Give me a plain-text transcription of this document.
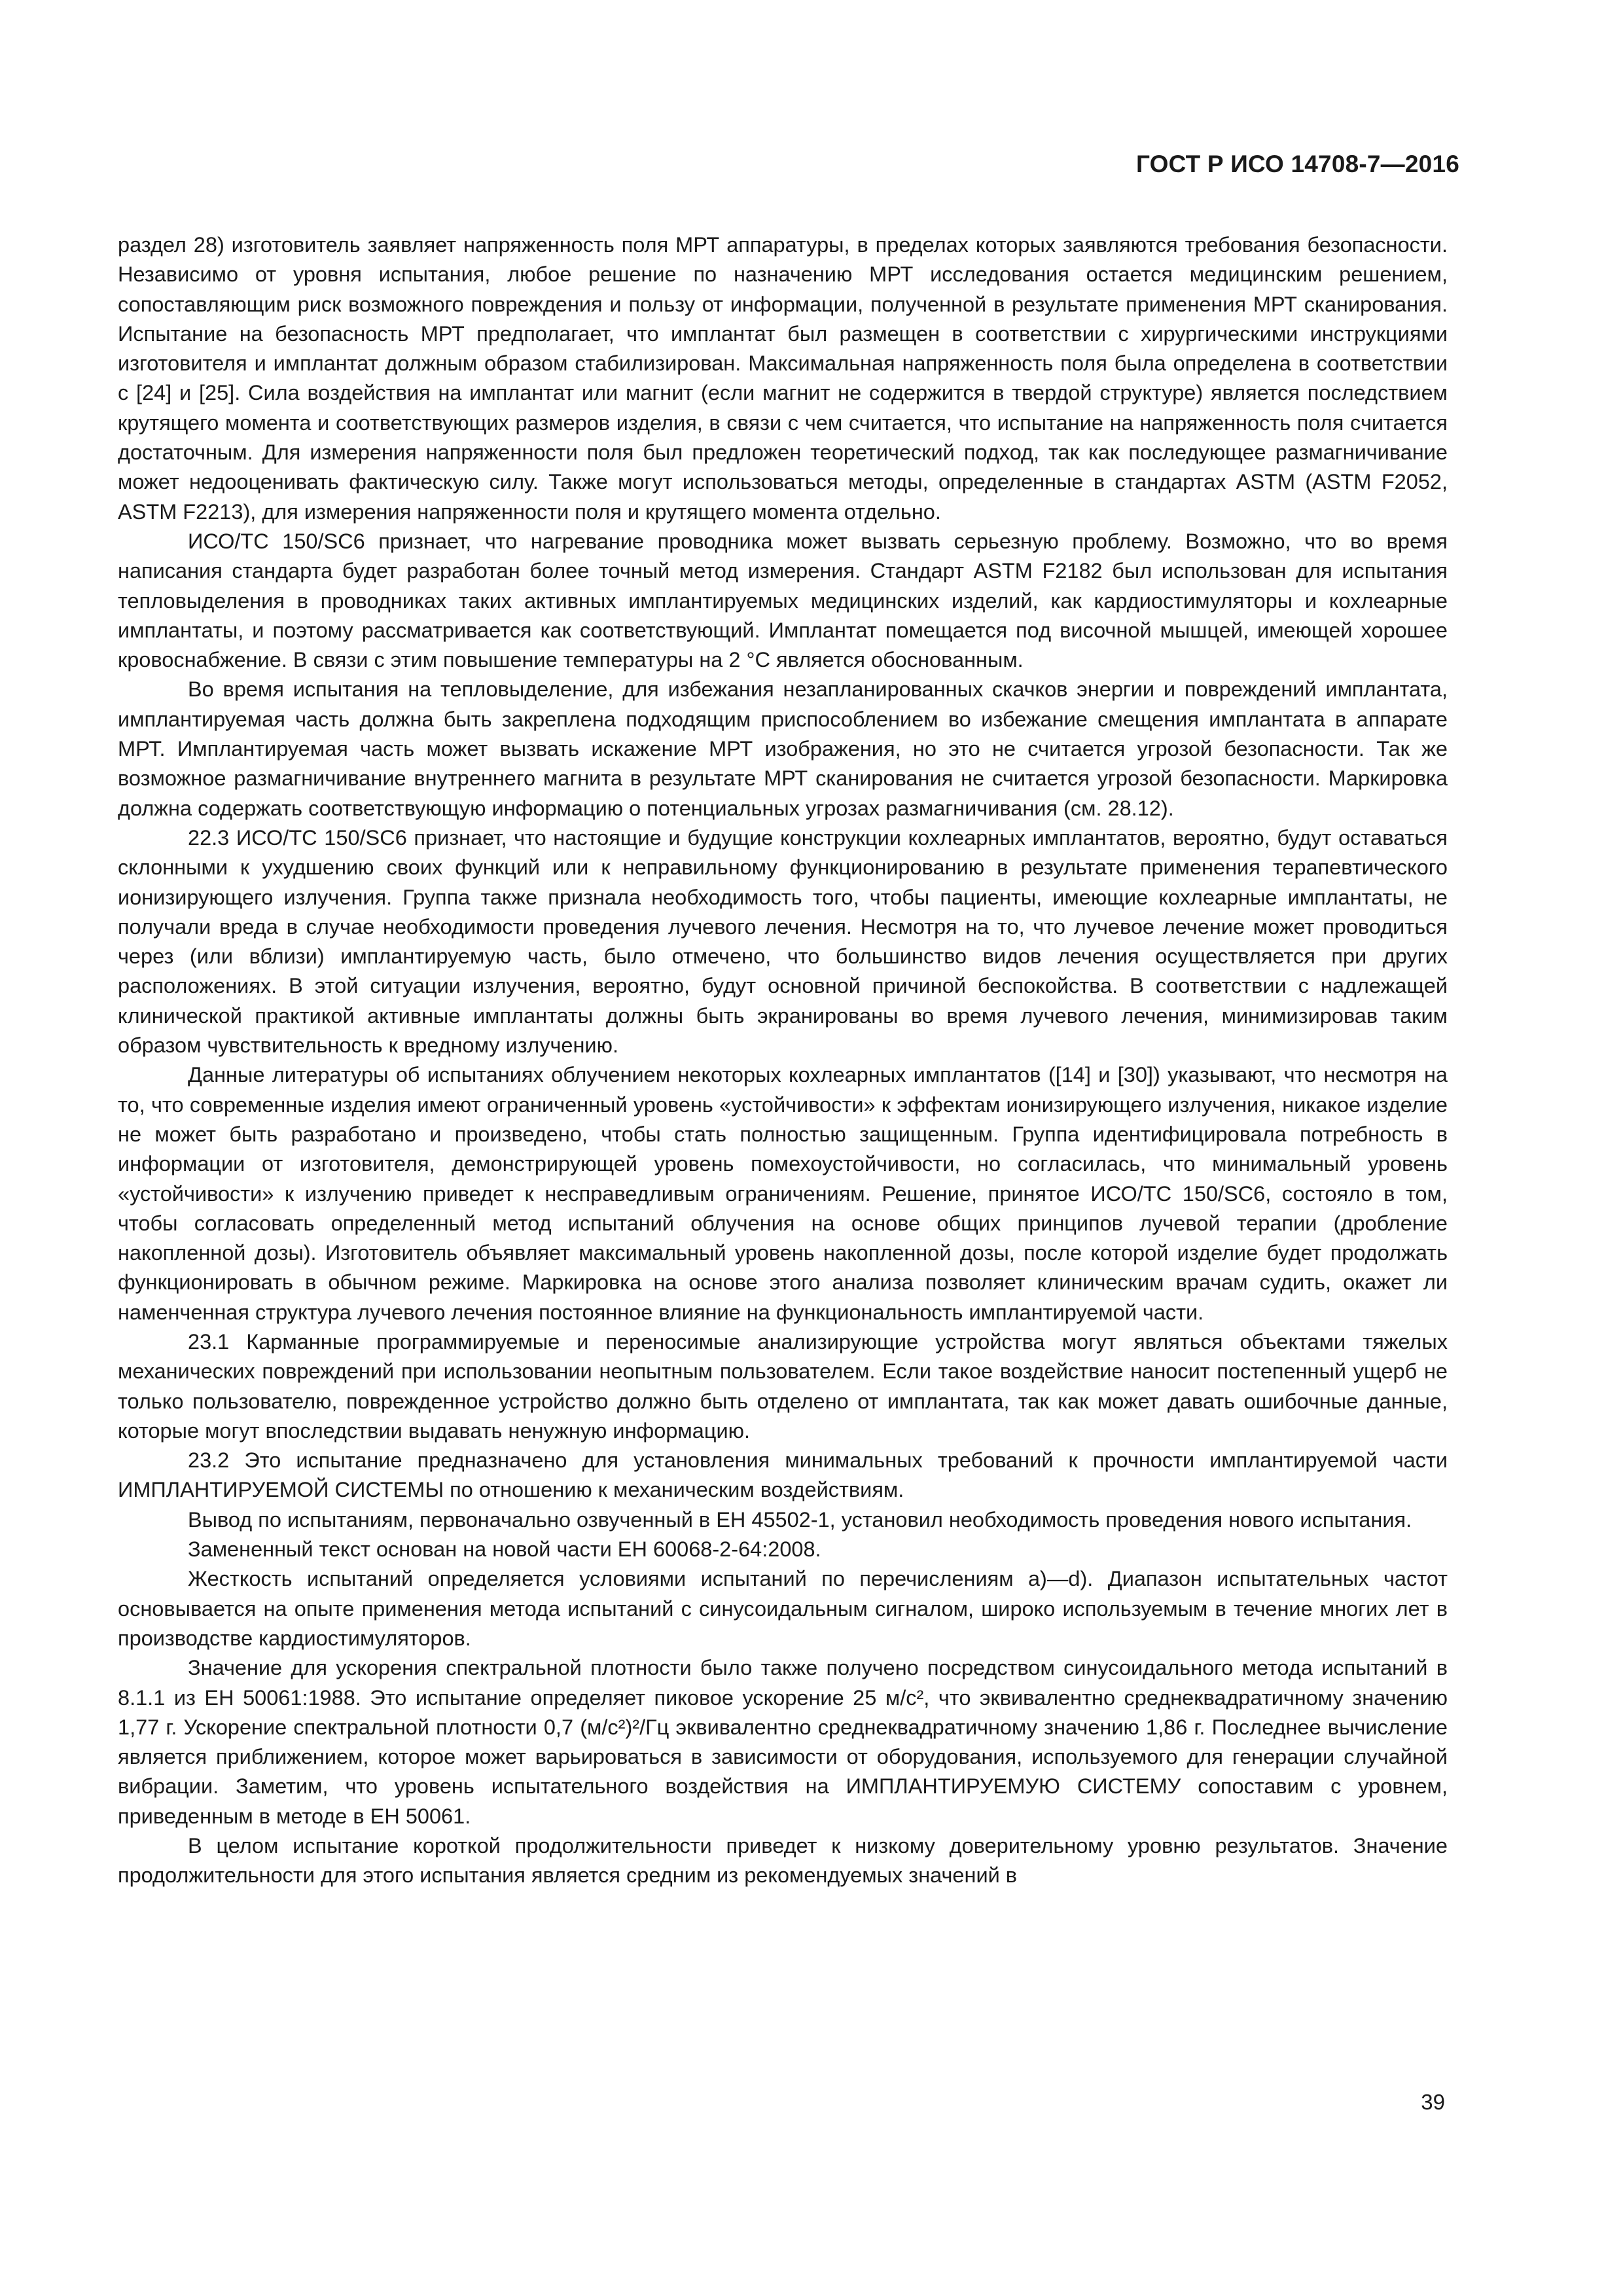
ГОСТ Р ИСО 14708-7—2016

раздел 28) изготовитель заявляет напряженность поля МРТ аппаратуры, в пределах которых заявляются требования безопасности. Независимо от уровня испытания, любое решение по назначению МРТ исследования остается медицинским решением, сопоставляющим риск возможного повреждения и пользу от информации, полученной в результате применения МРТ сканирования. Испытание на безопасность МРТ предполагает, что имплантат был размещен в соответствии с хирургическими инструкциями изготовителя и имплантат должным образом стабилизирован. Максимальная напряженность поля была определена в соответствии с [24] и [25]. Сила воздействия на имплантат или магнит (если магнит не содержится в твердой структуре) является последствием крутящего момента и соответствующих размеров изделия, в связи с чем считается, что испытание на напряженность поля считается достаточным. Для измерения напряженности поля был предложен теоретический подход, так как последующее размагничивание может недооценивать фактическую силу. Также могут использоваться методы, определенные в стандартах ASTM (ASTM F2052, ASTM F2213), для измерения напряженности поля и крутящего момента отдельно.

ИСО/ТС 150/SC6 признает, что нагревание проводника может вызвать серьезную проблему. Возможно, что во время написания стандарта будет разработан более точный метод измерения. Стандарт ASTM F2182 был использован для испытания тепловыделения в проводниках таких активных имплантируемых медицинских изделий, как кардиостимуляторы и кохлеарные имплантаты, и поэтому рассматривается как соответствующий. Имплантат помещается под височной мышцей, имеющей хорошее кровоснабжение. В связи с этим повышение температуры на 2 °С является обоснованным.

Во время испытания на тепловыделение, для избежания незапланированных скачков энергии и повреждений имплантата, имплантируемая часть должна быть закреплена подходящим приспособлением во избежание смещения имплантата в аппарате МРТ. Имплантируемая часть может вызвать искажение МРТ изображения, но это не считается угрозой безопасности. Так же возможное размагничивание внутреннего магнита в результате МРТ сканирования не считается угрозой безопасности. Маркировка должна содержать соответствующую информацию о потенциальных угрозах размагничивания (см. 28.12).

22.3 ИСО/ТС 150/SC6 признает, что настоящие и будущие конструкции кохлеарных имплантатов, вероятно, будут оставаться склонными к ухудшению своих функций или к неправильному функционированию в результате применения терапевтического ионизирующего излучения. Группа также признала необходимость того, чтобы пациенты, имеющие кохлеарные имплантаты, не получали вреда в случае необходимости проведения лучевого лечения. Несмотря на то, что лучевое лечение может проводиться через (или вблизи) имплантируемую часть, было отмечено, что большинство видов лечения осуществляется при других расположениях. В этой ситуации излучения, вероятно, будут основной причиной беспокойства. В соответствии с надлежащей клинической практикой активные имплантаты должны быть экранированы во время лучевого лечения, минимизировав таким образом чувствительность к вредному излучению.

Данные литературы об испытаниях облучением некоторых кохлеарных имплантатов ([14] и [30]) указывают, что несмотря на то, что современные изделия имеют ограниченный уровень «устойчивости» к эффектам ионизирующего излучения, никакое изделие не может быть разработано и произведено, чтобы стать полностью защищенным. Группа идентифицировала потребность в информации от изготовителя, демонстрирующей уровень помехоустойчивости, но согласилась, что минимальный уровень «устойчивости» к излучению приведет к несправедливым ограничениям. Решение, принятое ИСО/ТС 150/SC6, состояло в том, чтобы согласовать определенный метод испытаний облучения на основе общих принципов лучевой терапии (дробление накопленной дозы). Изготовитель объявляет максимальный уровень накопленной дозы, после которой изделие будет продолжать функционировать в обычном режиме. Маркировка на основе этого анализа позволяет клиническим врачам судить, окажет ли наменченная структура лучевого лечения постоянное влияние на функциональность имплантируемой части.

23.1 Карманные программируемые и переносимые анализирующие устройства могут являться объектами тяжелых механических повреждений при использовании неопытным пользователем. Если такое воздействие наносит постепенный ущерб не только пользователю, поврежденное устройство должно быть отделено от имплантата, так как может давать ошибочные данные, которые могут впоследствии выдавать ненужную информацию.

23.2 Это испытание предназначено для установления минимальных требований к прочности имплантируемой части ИМПЛАНТИРУЕМОЙ СИСТЕМЫ по отношению к механическим воздействиям.

Вывод по испытаниям, первоначально озвученный в ЕН 45502-1, установил необходимость проведения нового испытания.

Замененный текст основан на новой части ЕН 60068-2-64:2008.

Жесткость испытаний определяется условиями испытаний по перечислениям а)—d). Диапазон испытательных частот основывается на опыте применения метода испытаний с синусоидальным сигналом, широко используемым в течение многих лет в производстве кардиостимуляторов.

Значение для ускорения спектральной плотности было также получено посредством синусоидального метода испытаний в 8.1.1 из ЕН 50061:1988. Это испытание определяет пиковое ускорение 25 м/с², что эквивалентно среднеквадратичному значению 1,77 г. Ускорение спектральной плотности 0,7 (м/с²)²/Гц эквивалентно среднеквадратичному значению 1,86 г. Последнее вычисление является приближением, которое может варьироваться в зависимости от оборудования, используемого для генерации случайной вибрации. Заметим, что уровень испытательного воздействия на ИМПЛАНТИРУЕМУЮ СИСТЕМУ сопоставим с уровнем, приведенным в методе в ЕН 50061.

В целом испытание короткой продолжительности приведет к низкому доверительному уровню результатов. Значение продолжительности для этого испытания является средним из рекомендуемых значений в

39
